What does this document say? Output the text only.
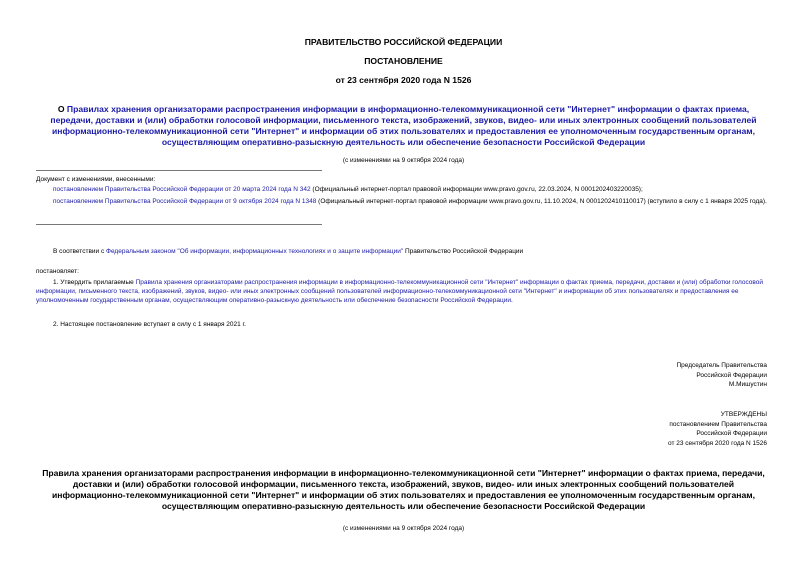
ПРАВИТЕЛЬСТВО РОССИЙСКОЙ ФЕДЕРАЦИИ
ПОСТАНОВЛЕНИЕ
от 23 сентября 2020 года N 1526
О Правилах хранения организаторами распространения информации в информационно-телекоммуникационной сети "Интернет" информации о фактах приема, передачи, доставки и (или) обработки голосовой информации, письменного текста, изображений, звуков, видео- или иных электронных сообщений пользователей информационно-телекоммуникационной сети "Интернет" и информации об этих пользователях и предоставления ее уполномоченным государственным органам, осуществляющим оперативно-разыскную деятельность или обеспечение безопасности Российской Федерации
(с изменениями на 9 октября 2024 года)
Документ с изменениями, внесенными:
постановлением Правительства Российской Федерации от 20 марта 2024 года N 342 (Официальный интернет-портал правовой информации www.pravo.gov.ru, 22.03.2024, N 0001202403220035);
постановлением Правительства Российской Федерации от 9 октября 2024 года N 1348 (Официальный интернет-портал правовой информации www.pravo.gov.ru, 11.10.2024, N 0001202410110017) (вступило в силу с 1 января 2025 года).
В соответствии с Федеральным законом "Об информации, информационных технологиях и о защите информации" Правительство Российской Федерации
постановляет:
1. Утвердить прилагаемые Правила хранения организаторами распространения информации в информационно-телекоммуникационной сети "Интернет" информации о фактах приема, передачи, доставки и (или) обработки голосовой информации, письменного текста, изображений, звуков, видео- или иных электронных сообщений пользователей информационно-телекоммуникационной сети "Интернет" и информации об этих пользователях и предоставления ее уполномоченным государственным органам, осуществляющим оперативно-разыскную деятельность или обеспечение безопасности Российской Федерации.
2. Настоящее постановление вступает в силу с 1 января 2021 г.
Председатель Правительства
Российской Федерации
М.Мишустин
УТВЕРЖДЕНЫ
постановлением Правительства
Российской Федерации
от 23 сентября 2020 года N 1526
Правила хранения организаторами распространения информации в информационно-телекоммуникационной сети "Интернет" информации о фактах приема, передачи, доставки и (или) обработки голосовой информации, письменного текста, изображений, звуков, видео- или иных электронных сообщений пользователей информационно-телекоммуникационной сети "Интернет" и информации об этих пользователях и предоставления ее уполномоченным государственным органам, осуществляющим оперативно-разыскную деятельность или обеспечение безопасности Российской Федерации
(с изменениями на 9 октября 2024 года)
